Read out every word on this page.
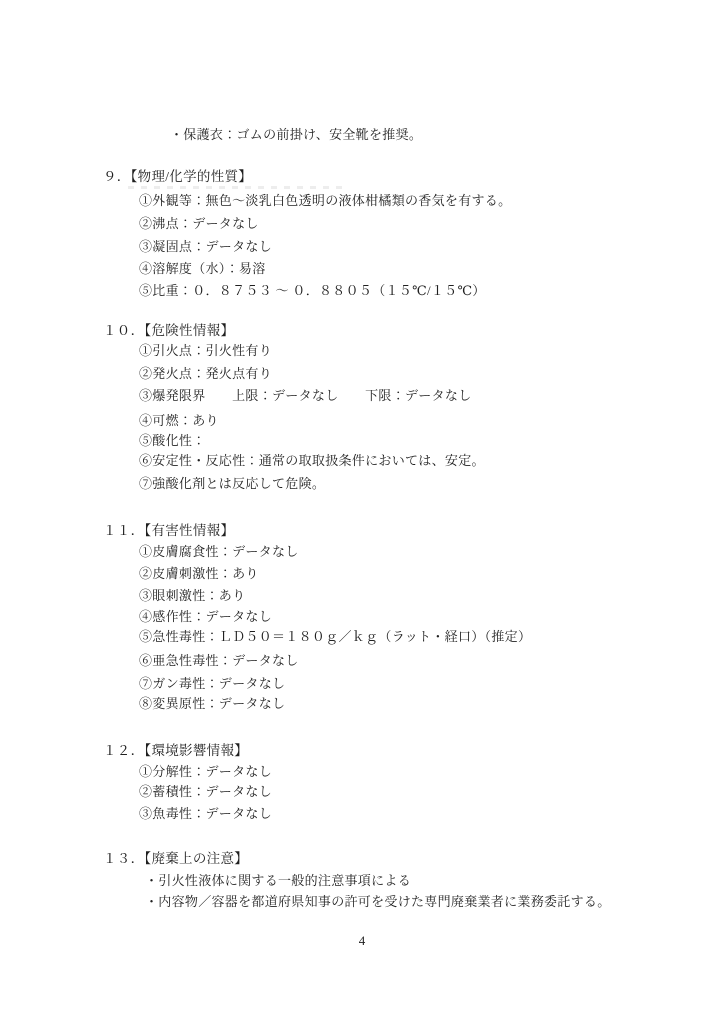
・保護衣：ゴムの前掛け、安全靴を推奨。
９．【物理/化学的性質】
①外観等：無色～淡乳白色透明の液体柑橘類の香気を有する。
②沸点：データなし
③凝固点：データなし
④溶解度（水）：易溶
⑤比重：０．８７５３ ～ ０．８８０５（１５℃/１５℃）
１０．【危険性情報】
①引火点：引火性有り
②発火点：発火点有り
③爆発限界　　上限：データなし　　下限：データなし
④可燃：あり
⑤酸化性：
⑥安定性・反応性：通常の取取扱条件においては、安定。
⑦強酸化剤とは反応して危険。
１１．【有害性情報】
①皮膚腐食性：データなし
②皮膚刺激性：あり
③眼刺激性：あり
④感作性：データなし
⑤急性毒性：ＬＤ５０＝１８０ｇ／ｋｇ（ラット・経口）（推定）
⑥亜急性毒性：データなし
⑦ガン毒性：データなし
⑧変異原性：データなし
１２．【環境影響情報】
①分解性：データなし
②蓄積性：データなし
③魚毒性：データなし
１３．【廃棄上の注意】
・引火性液体に関する一般的注意事項による
・内容物／容器を都道府県知事の許可を受けた専門廃棄業者に業務委託する。
4
